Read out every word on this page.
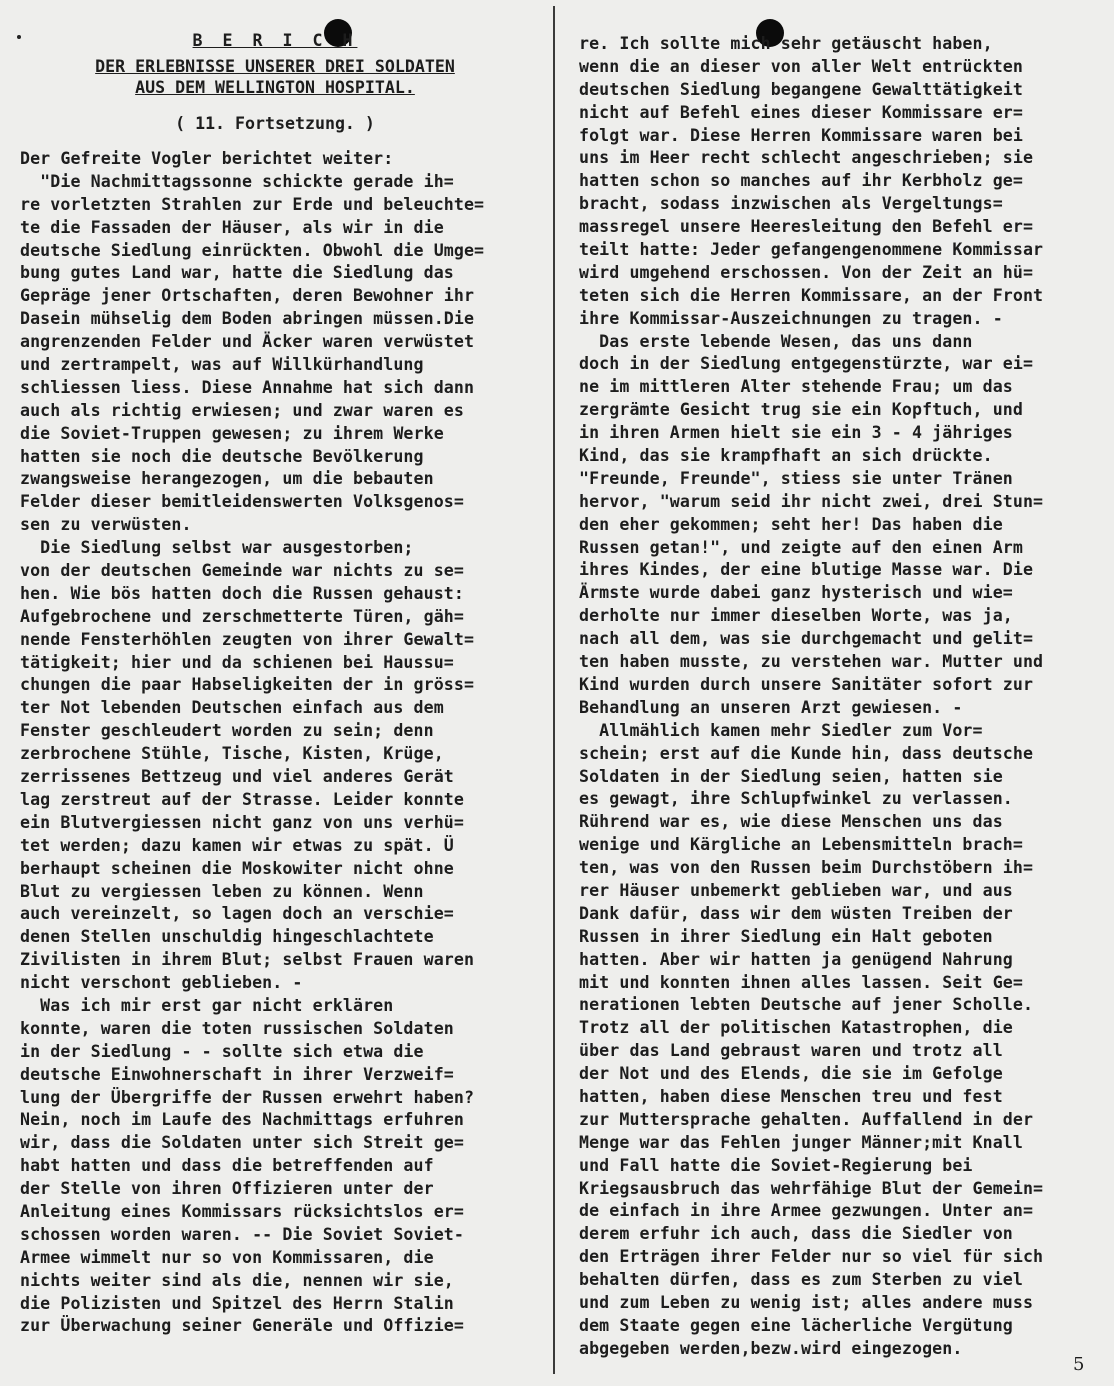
B E R I C H
DER ERLEBNISSE UNSERER DREI SOLDATEN
AUS DEM WELLINGTON HOSPITAL.
( 11. Fortsetzung. )
Der Gefreite Vogler berichtet weiter:
"Die Nachmittagssonne schickte gerade ih=
re vorletzten Strahlen zur Erde und beleuchte=
te die Fassaden der Häuser, als wir in die
deutsche Siedlung einrückten. Obwohl die Umge=
bung gutes Land war, hatte die Siedlung das
Gepräge jener Ortschaften, deren Bewohner ihr
Dasein mühselig dem Boden abringen müssen.Die
angrenzenden Felder und Äcker waren verwüstet
und zertrampelt, was auf Willkürhandlung
schliessen liess. Diese Annahme hat sich dann
auch als richtig erwiesen; und zwar waren es
die Soviet-Truppen gewesen; zu ihrem Werke
hatten sie noch die deutsche Bevölkerung
zwangsweise herangezogen, um die bebauten
Felder dieser bemitleidenswerten Volksgenos=
sen zu verwüsten.
Die Siedlung selbst war ausgestorben;
von der deutschen Gemeinde war nichts zu se=
hen. Wie bös hatten doch die Russen gehaust:
Aufgebrochene und zerschmetterte Türen, gäh=
nende Fensterhöhlen zeugten von ihrer Gewalt=
tätigkeit; hier und da schienen bei Haussu=
chungen die paar Habseligkeiten der in gröss=
ter Not lebenden Deutschen einfach aus dem
Fenster geschleudert worden zu sein; denn
zerbrochene Stühle, Tische, Kisten, Krüge,
zerrissenes Bettzeug und viel anderes Gerät
lag zerstreut auf der Strasse. Leider konnte
ein Blutvergiessen nicht ganz von uns verhü=
tet werden; dazu kamen wir etwas zu spät. Ü
berhaupt scheinen die Moskowiter nicht ohne
Blut zu vergiessen leben zu können. Wenn
auch vereinzelt, so lagen doch an verschie=
denen Stellen unschuldig hingeschlachtete
Zivilisten in ihrem Blut; selbst Frauen waren
nicht verschont geblieben. -
Was ich mir erst gar nicht erklären
konnte, waren die toten russischen Soldaten
in der Siedlung - - sollte sich etwa die
deutsche Einwohnerschaft in ihrer Verzweif=
lung der Übergriffe der Russen erwehrt haben?
Nein, noch im Laufe des Nachmittags erfuhren
wir, dass die Soldaten unter sich Streit ge=
habt hatten und dass die betreffenden auf
der Stelle von ihren Offizieren unter der
Anleitung eines Kommissars rücksichtslos er=
schossen worden waren. -- Die Soviet Soviet-
Armee wimmelt nur so von Kommissaren, die
nichts weiter sind als die, nennen wir sie,
die Polizisten und Spitzel des Herrn Stalin
zur Überwachung seiner Generäle und Offizie=
re. Ich sollte mich sehr getäuscht haben,
wenn die an dieser von aller Welt entrückten
deutschen Siedlung begangene Gewalttätigkeit
nicht auf Befehl eines dieser Kommissare er=
folgt war. Diese Herren Kommissare waren bei
uns im Heer recht schlecht angeschrieben; sie
hatten schon so manches auf ihr Kerbholz ge=
bracht, sodass inzwischen als Vergeltungs=
massregel unsere Heeresleitung den Befehl er=
teilt hatte: Jeder gefangengenommene Kommissar
wird umgehend erschossen. Von der Zeit an hü=
teten sich die Herren Kommissare, an der Front
ihre Kommissar-Auszeichnungen zu tragen. -
Das erste lebende Wesen, das uns dann
doch in der Siedlung entgegenstürzte, war ei=
ne im mittleren Alter stehende Frau; um das
zergrämte Gesicht trug sie ein Kopftuch, und
in ihren Armen hielt sie ein 3 - 4 jähriges
Kind, das sie krampfhaft an sich drückte.
"Freunde, Freunde", stiess sie unter Tränen
hervor, "warum seid ihr nicht zwei, drei Stun=
den eher gekommen; seht her! Das haben die
Russen getan!", und zeigte auf den einen Arm
ihres Kindes, der eine blutige Masse war. Die
Ärmste wurde dabei ganz hysterisch und wie=
derholte nur immer dieselben Worte, was ja,
nach all dem, was sie durchgemacht und gelit=
ten haben musste, zu verstehen war. Mutter und
Kind wurden durch unsere Sanitäter sofort zur
Behandlung an unseren Arzt gewiesen. -
Allmählich kamen mehr Siedler zum Vor=
schein; erst auf die Kunde hin, dass deutsche
Soldaten in der Siedlung seien, hatten sie
es gewagt, ihre Schlupfwinkel zu verlassen.
Rührend war es, wie diese Menschen uns das
wenige und Kärgliche an Lebensmitteln brach=
ten, was von den Russen beim Durchstöbern ih=
rer Häuser unbemerkt geblieben war, und aus
Dank dafür, dass wir dem wüsten Treiben der
Russen in ihrer Siedlung ein Halt geboten
hatten. Aber wir hatten ja genügend Nahrung
mit und konnten ihnen alles lassen. Seit Ge=
nerationen lebten Deutsche auf jener Scholle.
Trotz all der politischen Katastrophen, die
über das Land gebraust waren und trotz all
der Not und des Elends, die sie im Gefolge
hatten, haben diese Menschen treu und fest
zur Muttersprache gehalten. Auffallend in der
Menge war das Fehlen junger Männer;mit Knall
und Fall hatte die Soviet-Regierung bei
Kriegsausbruch das wehrfähige Blut der Gemein=
de einfach in ihre Armee gezwungen. Unter an=
derem erfuhr ich auch, dass die Siedler von
den Erträgen ihrer Felder nur so viel für sich
behalten dürfen, dass es zum Sterben zu viel
und zum Leben zu wenig ist; alles andere muss
dem Staate gegen eine lächerliche Vergütung
abgegeben werden,bezw.wird eingezogen.
5
